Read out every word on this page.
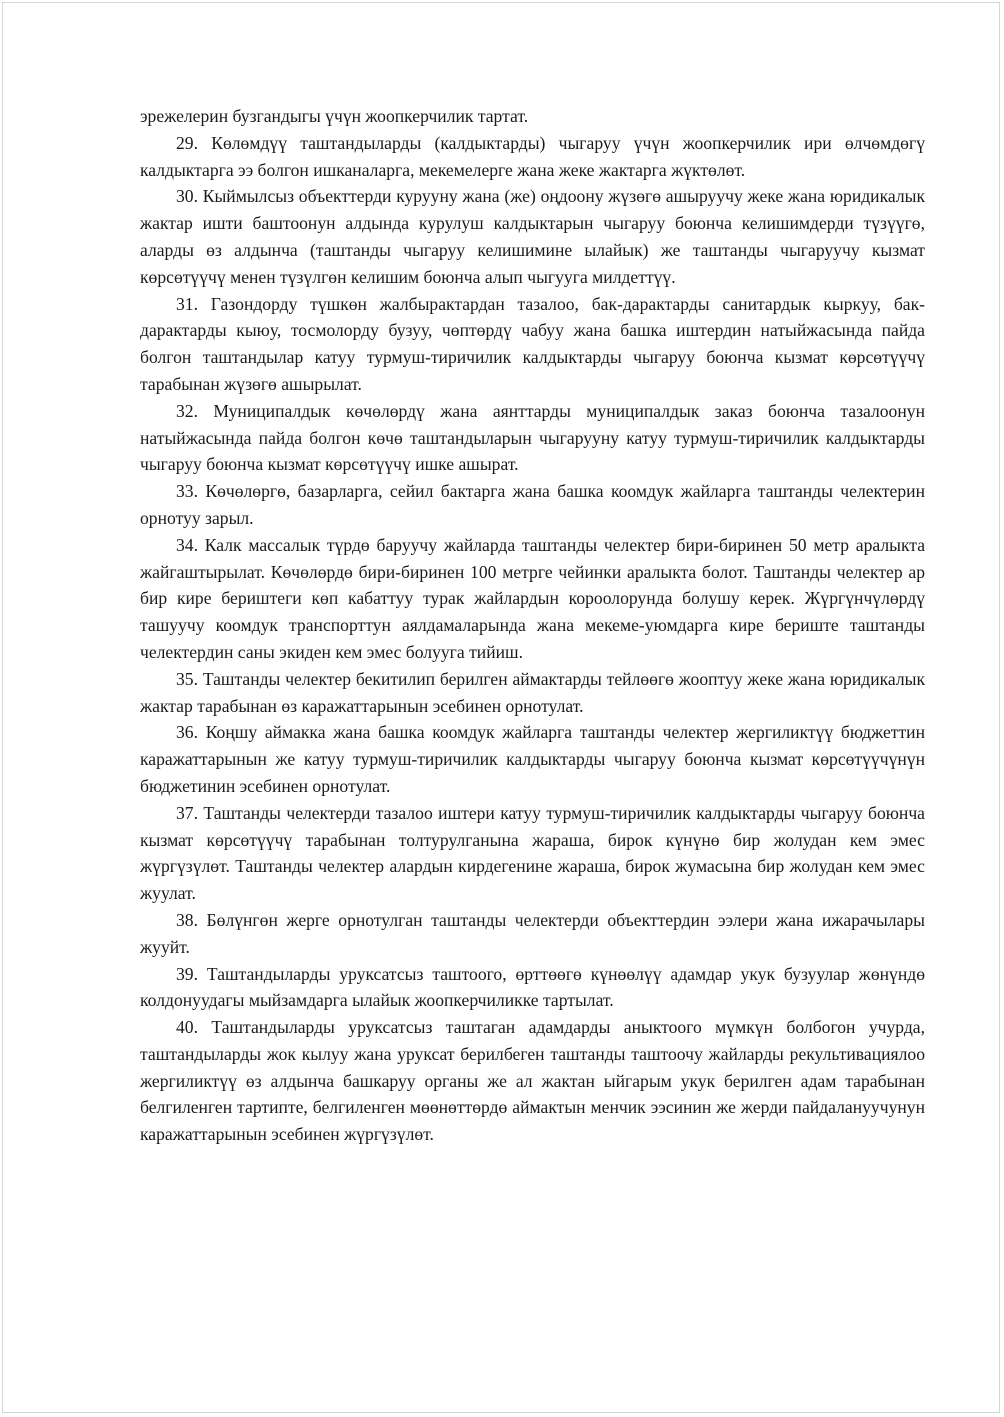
эрежелерин бузгандыгы үчүн жоопкерчилик тартат.

29. Көлөмдүү таштандыларды (калдыктарды) чыгаруу үчүн жоопкерчилик ири өлчөмдөгү калдыктарга ээ болгон ишканаларга, мекемелерге жана жеке жактарга жүктөлөт.

30. Кыймылсыз объекттерди курууну жана (же) оңдоону жүзөгө ашыруучу жеке жана юридикалык жактар ишти баштоонун алдында курулуш калдыктарын чыгаруу боюнча келишимдерди түзүүгө, аларды өз алдынча (таштанды чыгаруу келишимине ылайык) же таштанды чыгаруучу кызмат көрсөтүүчү менен түзүлгөн келишим боюнча алып чыгууга милдеттүү.

31. Газондорду түшкөн жалбырактардан тазалоо, бак-дарактарды санитардык кыркуу, бак-дарактарды кыюу, тосмолорду бузуу, чөптөрдү чабуу жана башка иштердин натыйжасында пайда болгон таштандылар катуу турмуш-тиричилик калдыктарды чыгаруу боюнча кызмат көрсөтүүчү тарабынан жүзөгө ашырылат.

32. Муниципалдык көчөлөрдү жана аянттарды муниципалдык заказ боюнча тазалоонун натыйжасында пайда болгон көчө таштандыларын чыгарууну катуу турмуш-тиричилик калдыктарды чыгаруу боюнча кызмат көрсөтүүчү ишке ашырат.

33. Көчөлөргө, базарларга, сейил бактарга жана башка коомдук жайларга таштанды челектерин орнотуу зарыл.

34. Калк массалык түрдө баруучу жайларда таштанды челектер бири-биринен 50 метр аралыкта жайгаштырылат. Көчөлөрдө бири-биринен 100 метрге чейинки аралыкта болот. Таштанды челектер ар бир кире бериштеги көп кабаттуу турак жайлардын короолорунда болушу керек. Жүргүнчүлөрдү ташуучу коомдук транспорттун аялдамаларында жана мекеме-уюмдарга кире бериште таштанды челектердин саны экиден кем эмес болууга тийиш.

35. Таштанды челектер бекитилип берилген аймактарды тейлөөгө жооптуу жеке жана юридикалык жактар тарабынан өз каражаттарынын эсебинен орнотулат.

36. Коңшу аймакка жана башка коомдук жайларга таштанды челектер жергиликтүү бюджеттин каражаттарынын же катуу турмуш-тиричилик калдыктарды чыгаруу боюнча кызмат көрсөтүүчүнүн бюджетинин эсебинен орнотулат.

37. Таштанды челектерди тазалоо иштери катуу турмуш-тиричилик калдыктарды чыгаруу боюнча кызмат көрсөтүүчү тарабынан толтурулганына жараша, бирок күнүнө бир жолудан кем эмес жүргүзүлөт. Таштанды челектер алардын кирдегенине жараша, бирок жумасына бир жолудан кем эмес жуулат.

38. Бөлүнгөн жерге орнотулган таштанды челектерди объекттердин ээлери жана ижарачылары жууйт.

39. Таштандыларды уруксатсыз таштоого, өрттөөгө күнөөлүү адамдар укук бузуулар жөнүндө колдонуудагы мыйзамдарга ылайык жоопкерчиликке тартылат.

40. Таштандыларды уруксатсыз таштаган адамдарды аныктоого мүмкүн болбогон учурда, таштандыларды жок кылуу жана уруксат берилбеген таштанды таштоочу жайларды рекультивациялоо жергиликтүү өз алдынча башкаруу органы же ал жактан ыйгарым укук берилген адам тарабынан белгиленген тартипте, белгиленген мөөнөттөрдө аймактын менчик ээсинин же жерди пайдалануучунун каражаттарынын эсебинен жүргүзүлөт.
